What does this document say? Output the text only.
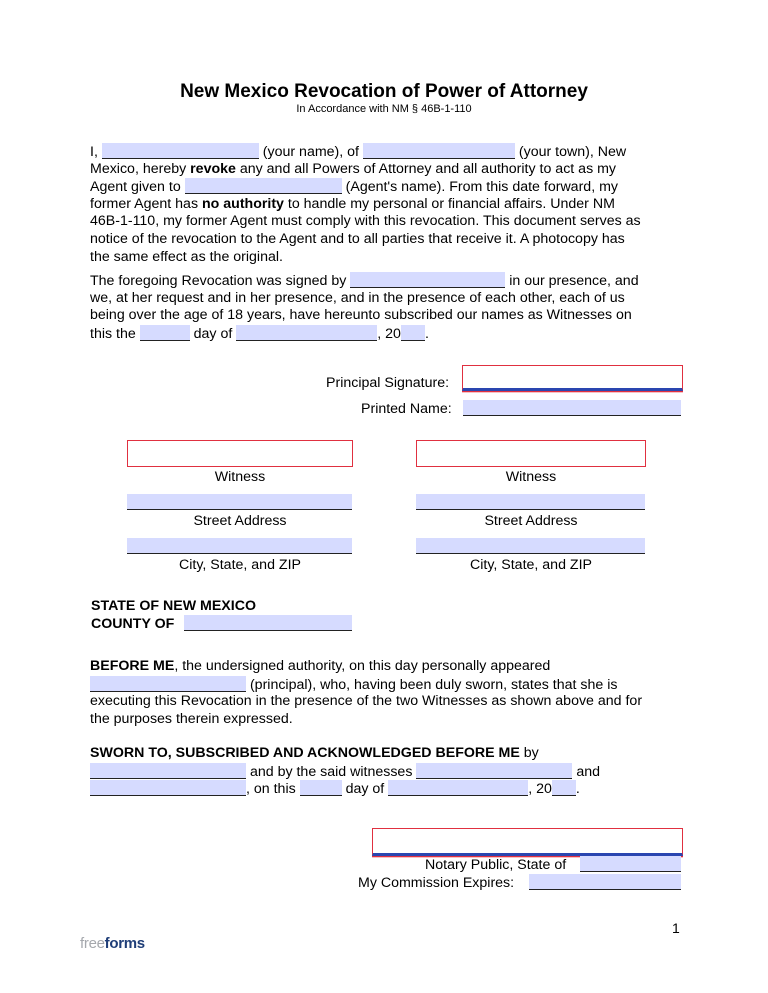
New Mexico Revocation of Power of Attorney
In Accordance with NM § 46B-1-110
I,	(your name), of	(your town), New
Mexico, hereby revoke any and all Powers of Attorney and all authority to act as my
Agent given to	(Agent's name). From this date forward, my
former Agent has no authority to handle my personal or financial affairs. Under NM
46B-1-110, my former Agent must comply with this revocation. This document serves as
notice of the revocation to the Agent and to all parties that receive it. A photocopy has
the same effect as the original.
The foregoing Revocation was signed by	in our presence, and
we, at her request and in her presence, and in the presence of each other, each of us
being over the age of 18 years, have hereunto subscribed our names as Witnesses on
this the	day of	, 20 .
Principal Signature:
Printed Name:
Witness
Street Address
City, State, and ZIP
Witness
Street Address
City, State, and ZIP
STATE OF NEW MEXICO
COUNTY OF
BEFORE ME, the undersigned authority, on this day personally appeared
(principal), who, having been duly sworn, states that she is
executing this Revocation in the presence of the two Witnesses as shown above and for
the purposes therein expressed.
SWORN TO, SUBSCRIBED AND ACKNOWLEDGED BEFORE ME by
and by the said witnesses	and
, on this	day of	, 20 .
Notary Public, State of
My Commission Expires:
1
freeforms
